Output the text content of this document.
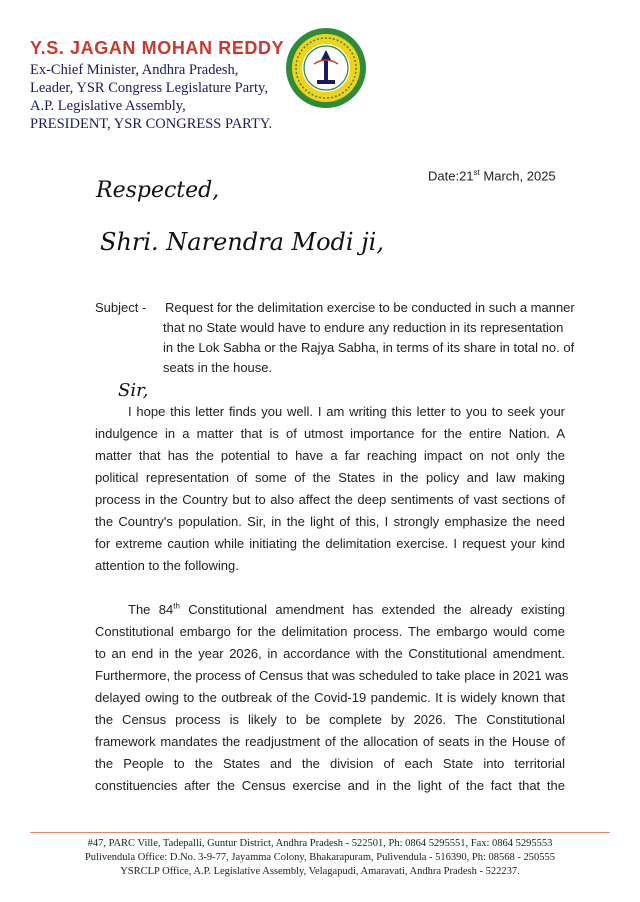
Y.S. JAGAN MOHAN REDDY
Ex-Chief Minister, Andhra Pradesh,
Leader, YSR Congress Legislature Party,
A.P. Legislative Assembly,
PRESIDENT, YSR CONGRESS PARTY.
Date:21st March, 2025
Respected,
Shri. Narendra Modi ji,
Subject - Request for the delimitation exercise to be conducted in such a manner
that no State would have to endure any reduction in its representation
in the Lok Sabha or the Rajya Sabha, in terms of its share in total no. of
seats in the house.
Sir,
I hope this letter finds you well. I am writing this letter to you to seek your
indulgence in a matter that is of utmost importance for the entire Nation. A
matter that has the potential to have a far reaching impact on not only the
political representation of some of the States in the policy and law making
process in the Country but to also affect the deep sentiments of vast sections of
the Country's population. Sir, in the light of this, I strongly emphasize the need
for extreme caution while initiating the delimitation exercise. I request your kind
attention to the following.
The 84th Constitutional amendment has extended the already existing
Constitutional embargo for the delimitation process. The embargo would come
to an end in the year 2026, in accordance with the Constitutional amendment.
Furthermore, the process of Census that was scheduled to take place in 2021 was
delayed owing to the outbreak of the Covid-19 pandemic. It is widely known that
the Census process is likely to be complete by 2026. The Constitutional
framework mandates the readjustment of the allocation of seats in the House of
the People to the States and the division of each State into territorial
constituencies after the Census exercise and in the light of the fact that the
#47, PARC Ville, Tadepalli, Guntur District, Andhra Pradesh - 522501, Ph: 0864 5295551, Fax: 0864 5295553
Pulivendula Office: D.No. 3-9-77, Jayamma Colony, Bhakarapuram, Pulivendula - 516390, Ph: 08568 - 250555
YSRCLP Office, A.P. Legislative Assembly, Velagapudi, Amaravati, Andhra Pradesh - 522237.
